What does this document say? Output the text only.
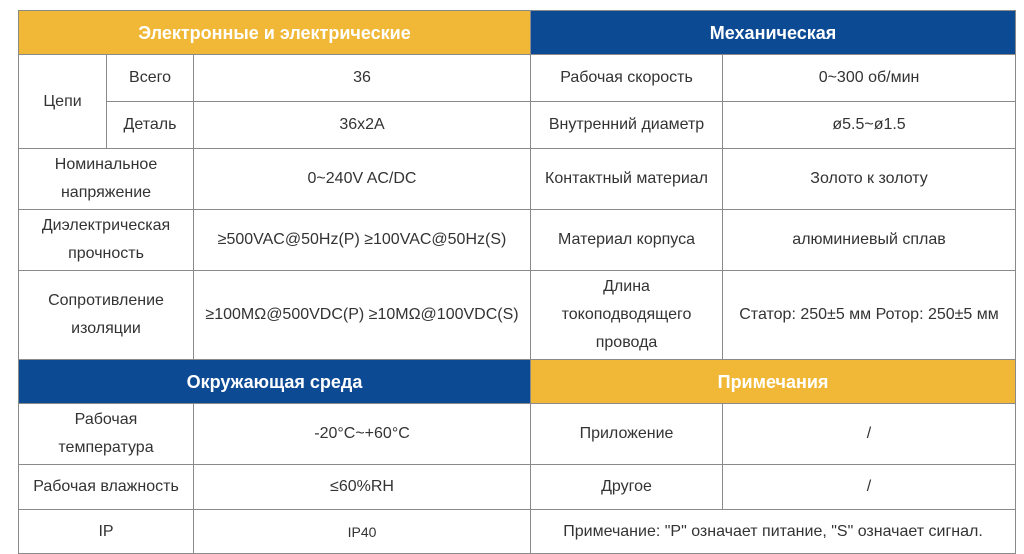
Электронные и электрические			Механическая	
Цепи	Всего	36	Рабочая скорость	0~300 об/мин
	Деталь	36x2A	Внутренний диаметр	ø5.5~ø1.5
Номинальное напряжение		0~240V AC/DC	Контактный материал	Золото к золоту
Диэлектрическая прочность		≥500VAC@50Hz(P) ≥100VAC@50Hz(S)	Материал корпуса	алюминиевый сплав
Сопротивление изоляции		≥100MΩ@500VDC(P) ≥10MΩ@100VDC(S)	Длина токоподводящего провода	Статор: 250±5 мм Ротор: 250±5 мм
Окружающая среда			Примечания	
Рабочая температура		-20°C~+60°C	Приложение	/
Рабочая влажность		≤60%RH	Другое	/
IP		IP40	Примечание: "P" означает питание, "S" означает сигнал.	
